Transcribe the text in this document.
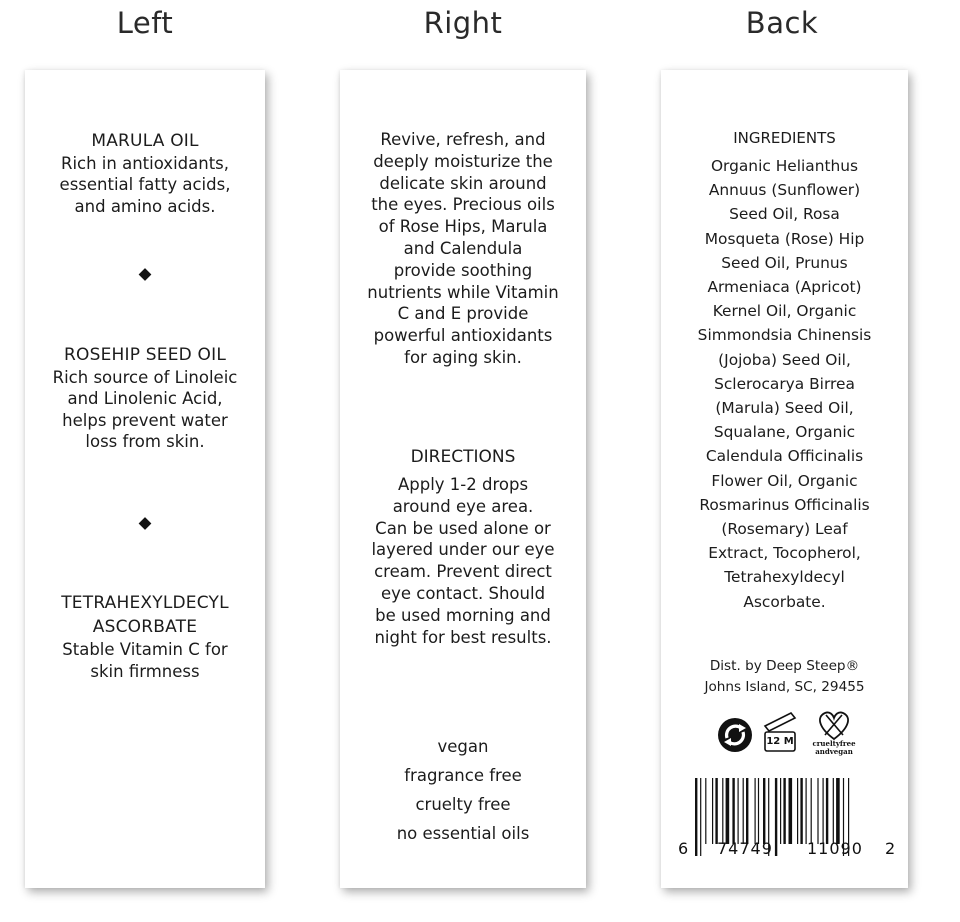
Left	Right	Back
MARULA OIL
Rich in antioxidants,
essential fatty acids,
and amino acids.
ROSEHIP SEED OIL
Rich source of Linoleic
and Linolenic Acid,
helps prevent water
loss from skin.
TETRAHEXYLDECYL
ASCORBATE
Stable Vitamin C for
skin firmness
Revive, refresh, and
deeply moisturize the
delicate skin around
the eyes. Precious oils
of Rose Hips, Marula
and Calendula
provide soothing
nutrients while Vitamin
C and E provide
powerful antioxidants
for aging skin.
DIRECTIONS
Apply 1-2 drops
around eye area.
Can be used alone or
layered under our eye
cream. Prevent direct
eye contact. Should
be used morning and
night for best results.
vegan
fragrance free
cruelty free
no essential oils
INGREDIENTS
Organic Helianthus
Annuus (Sunflower)
Seed Oil, Rosa
Mosqueta (Rose) Hip
Seed Oil, Prunus
Armeniaca (Apricot)
Kernel Oil, Organic
Simmondsia Chinensis
(Jojoba) Seed Oil,
Sclerocarya Birrea
(Marula) Seed Oil,
Squalane, Organic
Calendula Officinalis
Flower Oil, Organic
Rosmarinus Officinalis
(Rosemary) Leaf
Extract, Tocopherol,
Tetrahexyldecyl
Ascorbate.
Dist. by Deep Steep®
Johns Island, SC, 29455
12 M	crueltyfree
andvegan
6 74749 11090 2
